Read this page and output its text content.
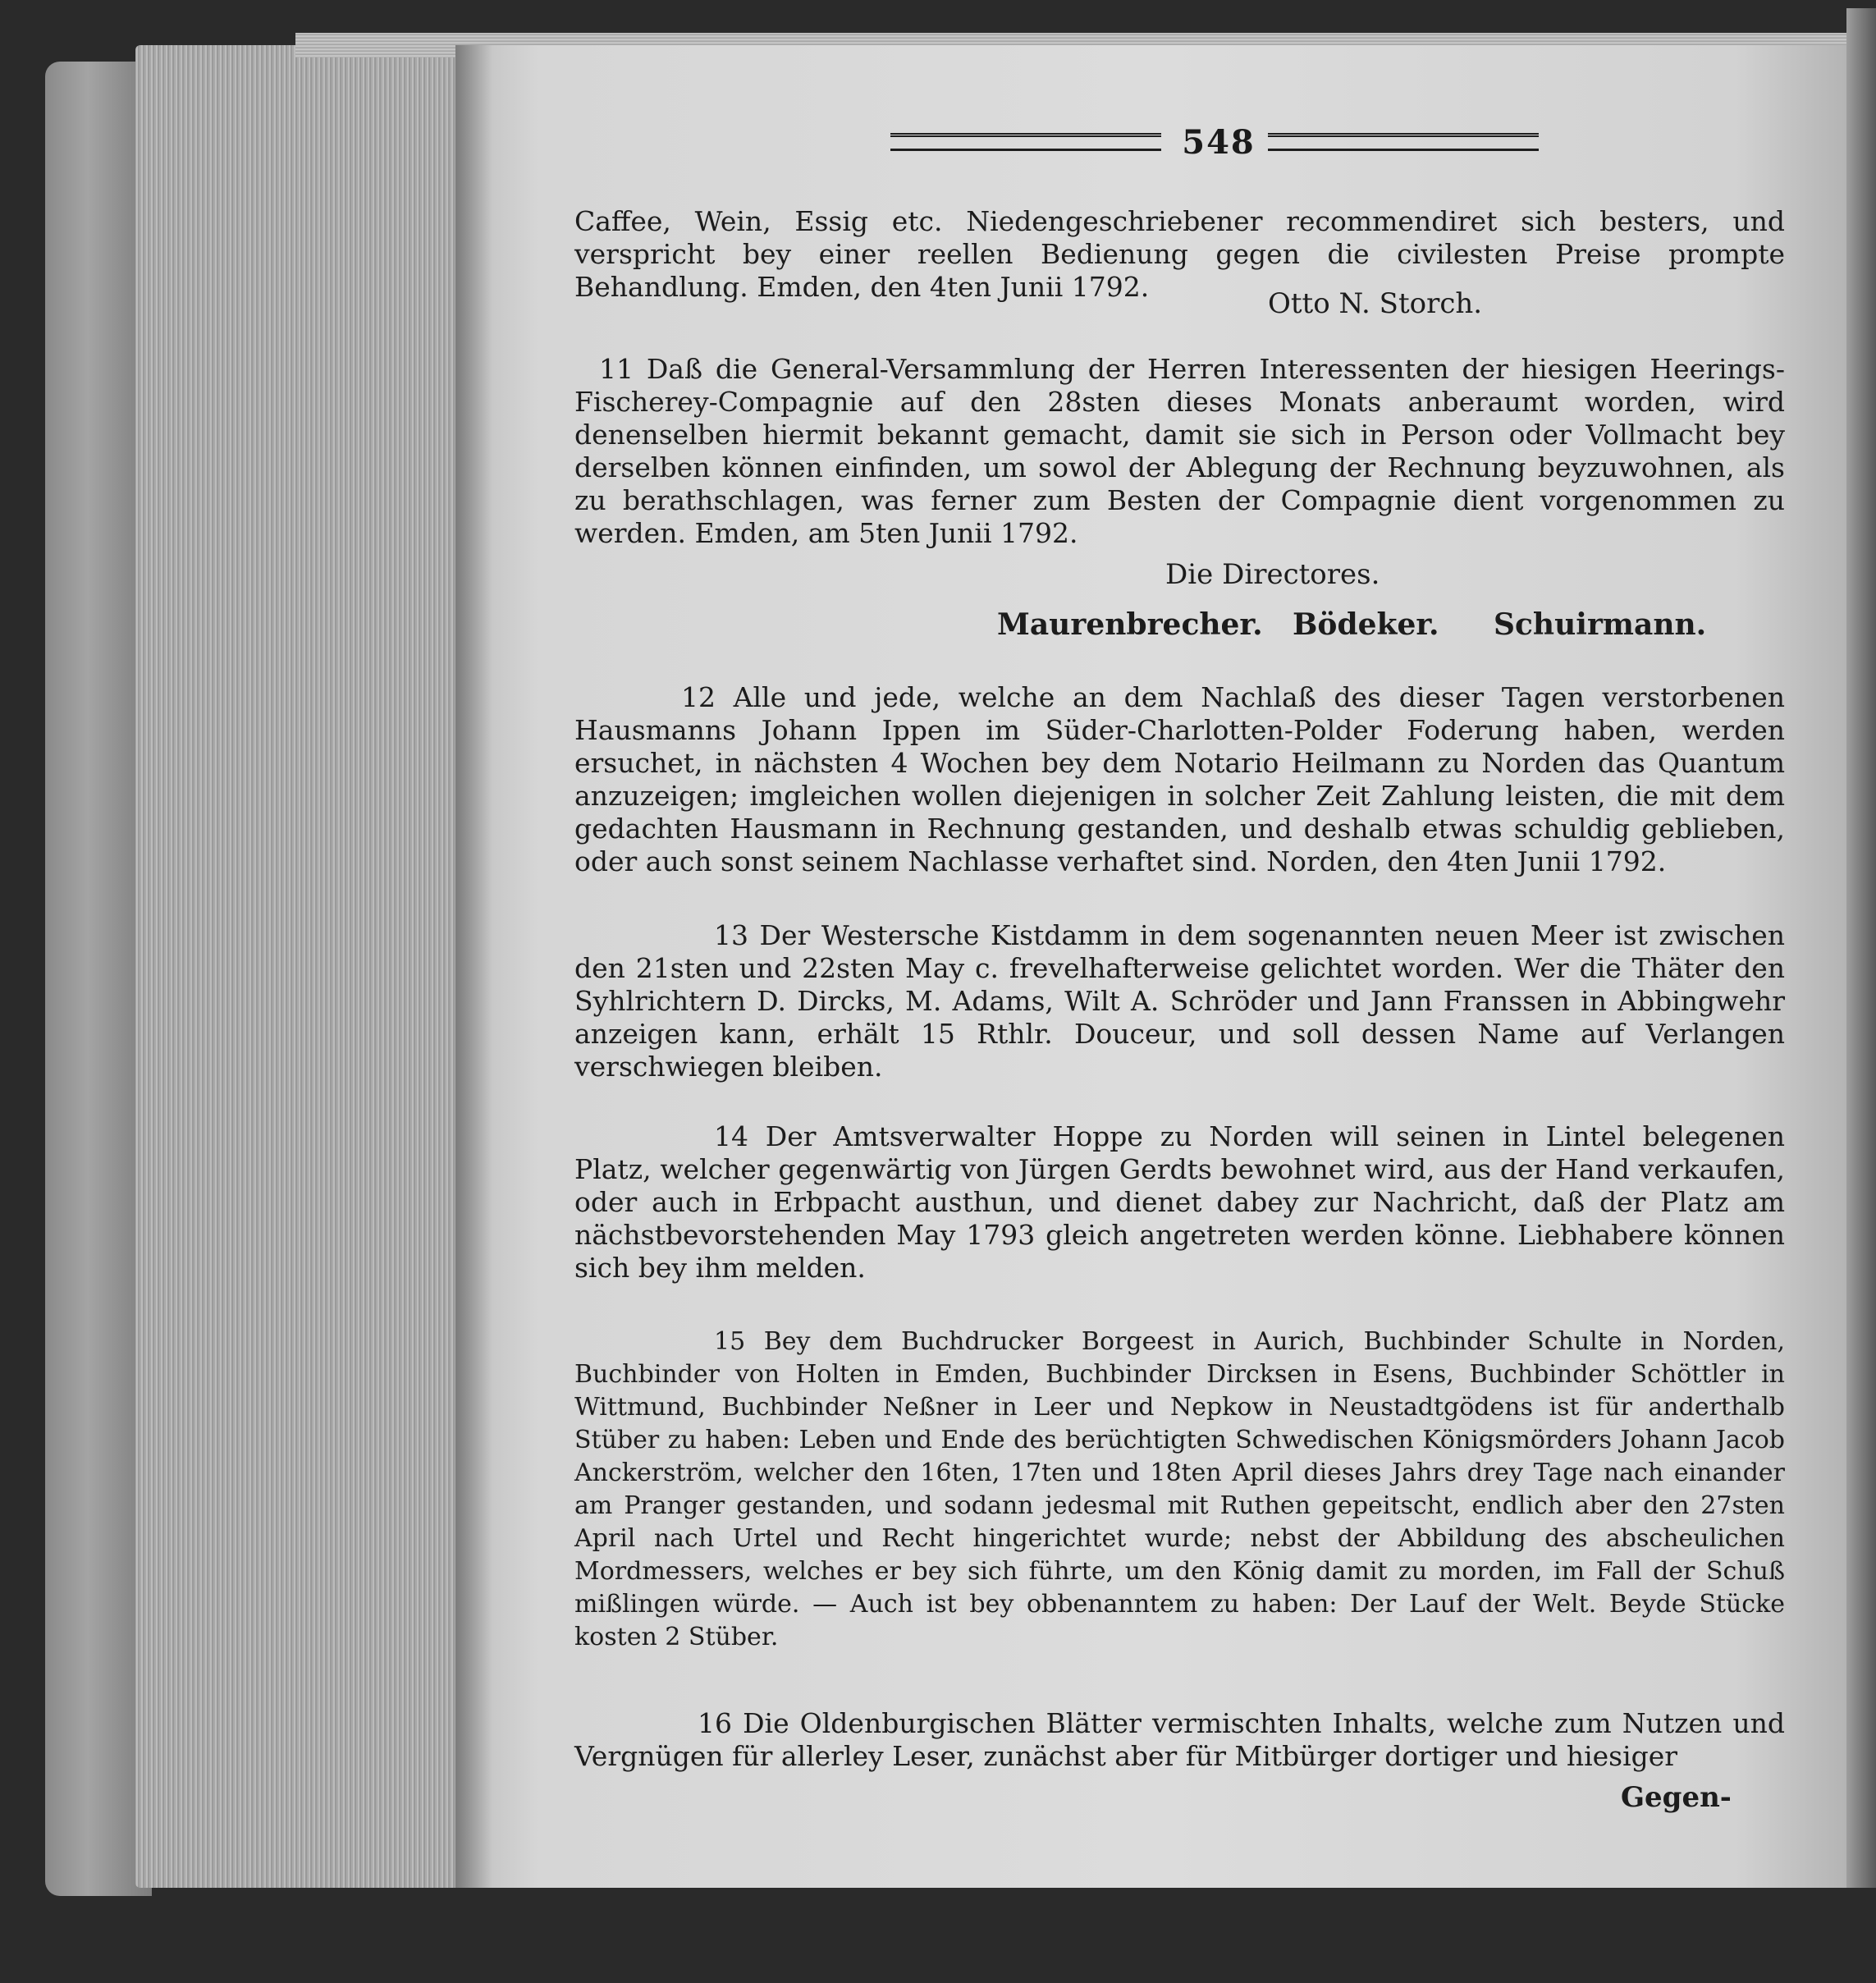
548

Caffee, Wein, Essig etc. Niedengeschriebener recommendiret sich besters, und verspricht bey einer reellen Bedienung gegen die civilesten Preise prompte Behandlung. Emden, den 4ten Junii 1792.

Otto N. Storch.

11 Daß die General-Versammlung der Herren Interessenten der hiesigen Heerings-Fischerey-Compagnie auf den 28sten dieses Monats anberaumt worden, wird denenselben hiermit bekannt gemacht, damit sie sich in Person oder Vollmacht bey derselben können einfinden, um sowol der Ablegung der Rechnung beyzuwohnen, als zu berathschlagen, was ferner zum Besten der Compagnie dient vorgenommen zu werden. Emden, am 5ten Junii 1792.

Die Directores.
Maurenbrecher. Bödeker. Schuirmann.

12 Alle und jede, welche an dem Nachlaß des dieser Tagen verstorbenen Hausmanns Johann Ippen im Süder-Charlotten-Polder Foderung haben, werden ersuchet, in nächsten 4 Wochen bey dem Notario Heilmann zu Norden das Quantum anzuzeigen; imgleichen wollen diejenigen in solcher Zeit Zahlung leisten, die mit dem gedachten Hausmann in Rechnung gestanden, und deshalb etwas schuldig geblieben, oder auch sonst seinem Nachlasse verhaftet sind. Norden, den 4ten Junii 1792.

13 Der Westersche Kistdamm in dem sogenannten neuen Meer ist zwischen den 21sten und 22sten May c. frevelhafterweise gelichtet worden. Wer die Thäter den Syhlrichtern D. Dircks, M. Adams, Wilt A. Schröder und Jann Franssen in Abbingwehr anzeigen kann, erhält 15 Rthlr. Douceur, und soll dessen Name auf Verlangen verschwiegen bleiben.

14 Der Amtsverwalter Hoppe zu Norden will seinen in Lintel belegenen Platz, welcher gegenwärtig von Jürgen Gerdts bewohnet wird, aus der Hand verkaufen, oder auch in Erbpacht austhun, und dienet dabey zur Nachricht, daß der Platz am nächstbevorstehenden May 1793 gleich angetreten werden könne. Liebhabere können sich bey ihm melden.

15 Bey dem Buchdrucker Borgeest in Aurich, Buchbinder Schulte in Norden, Buchbinder von Holten in Emden, Buchbinder Dircksen in Esens, Buchbinder Schöttler in Wittmund, Buchbinder Neßner in Leer und Nepkow in Neustadtgödens ist für anderthalb Stüber zu haben: Leben und Ende des berüchtigten Schwedischen Königsmörders Johann Jacob Anckerström, welcher den 16ten, 17ten und 18ten April dieses Jahrs drey Tage nach einander am Pranger gestanden, und sodann jedesmal mit Ruthen gepeitscht, endlich aber den 27sten April nach Urtel und Recht hingerichtet wurde; nebst der Abbildung des abscheulichen Mordmessers, welches er bey sich führte, um den König damit zu morden, im Fall der Schuß mißlingen würde. — Auch ist bey obbenanntem zu haben: Der Lauf der Welt. Beyde Stücke kosten 2 Stüber.

16 Die Oldenburgischen Blätter vermischten Inhalts, welche zum Nutzen und Vergnügen für allerley Leser, zunächst aber für Mitbürger dortiger und hiesiger

Gegen-
